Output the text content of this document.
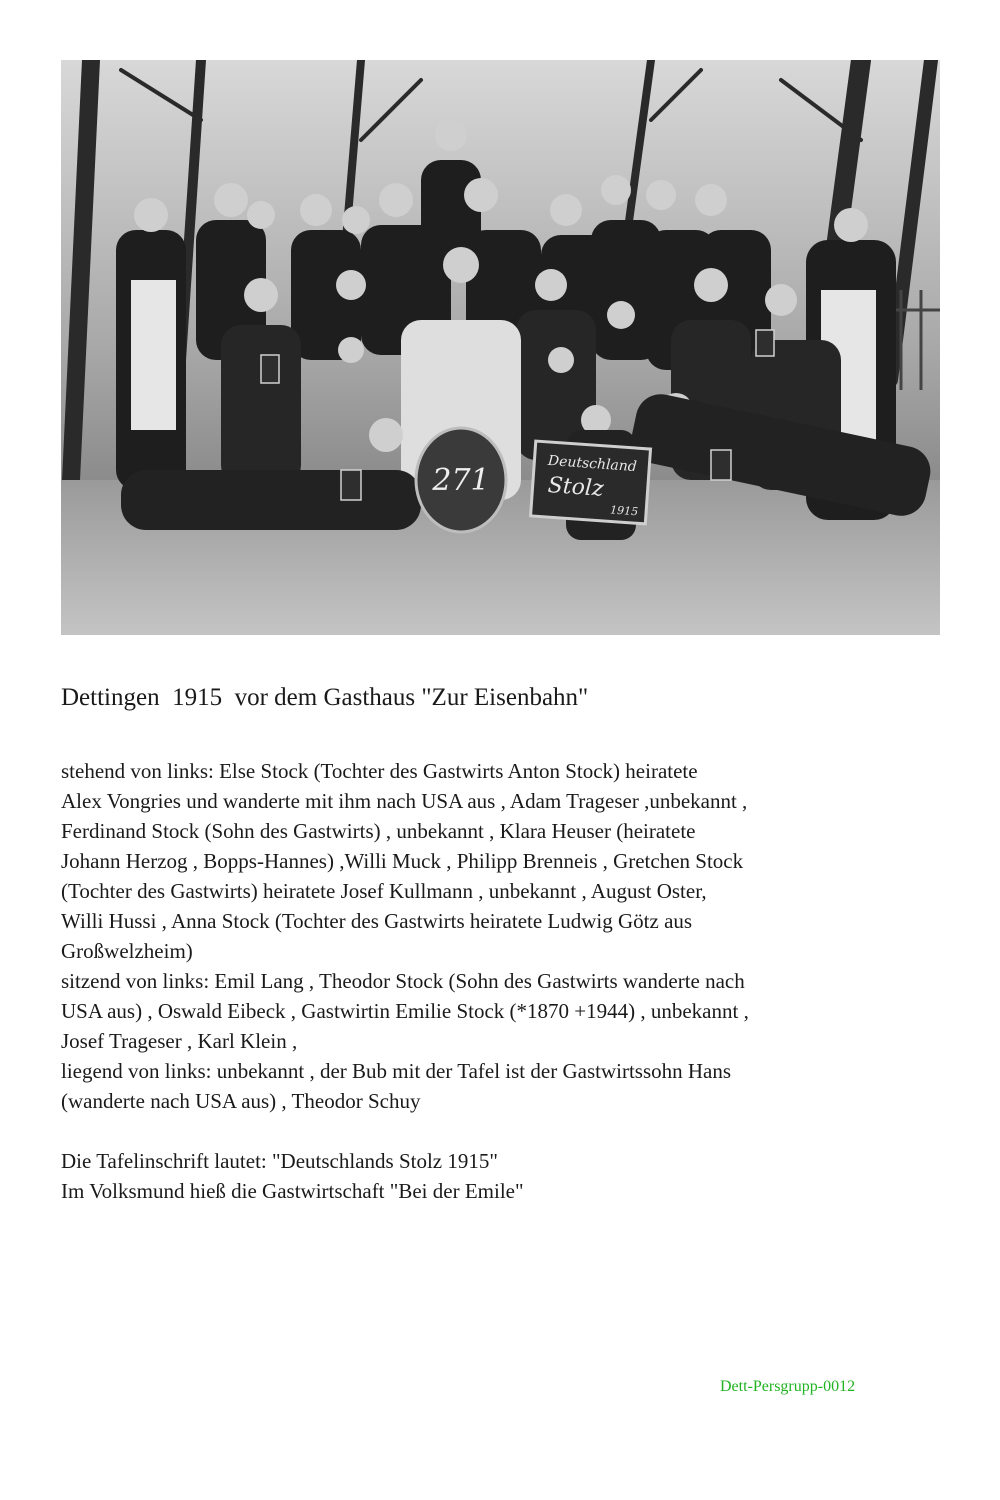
271	Deutschland
Stolz
1915
Dettingen  1915  vor dem Gasthaus "Zur Eisenbahn"
stehend von links: Else Stock (Tochter des Gastwirts Anton Stock) heiratete
Alex Vongries und wanderte mit ihm nach USA aus , Adam Trageser ,unbekannt ,
Ferdinand Stock (Sohn des Gastwirts) , unbekannt , Klara Heuser (heiratete
Johann Herzog , Bopps-Hannes) ,Willi Muck , Philipp Brenneis , Gretchen Stock
(Tochter des Gastwirts) heiratete Josef Kullmann , unbekannt , August Oster,
Willi Hussi , Anna Stock (Tochter des Gastwirts heiratete Ludwig Götz aus
Großwelzheim)
sitzend von links: Emil Lang , Theodor Stock (Sohn des Gastwirts wanderte nach
USA aus) , Oswald Eibeck , Gastwirtin Emilie Stock (*1870 +1944) , unbekannt ,
Josef Trageser , Karl Klein ,
liegend von links: unbekannt , der Bub mit der Tafel ist der Gastwirtssohn Hans
(wanderte nach USA aus) , Theodor Schuy
Die Tafelinschrift lautet: "Deutschlands Stolz 1915"
Im Volksmund hieß die Gastwirtschaft "Bei der Emile"
Dett-Persgrupp-0012
